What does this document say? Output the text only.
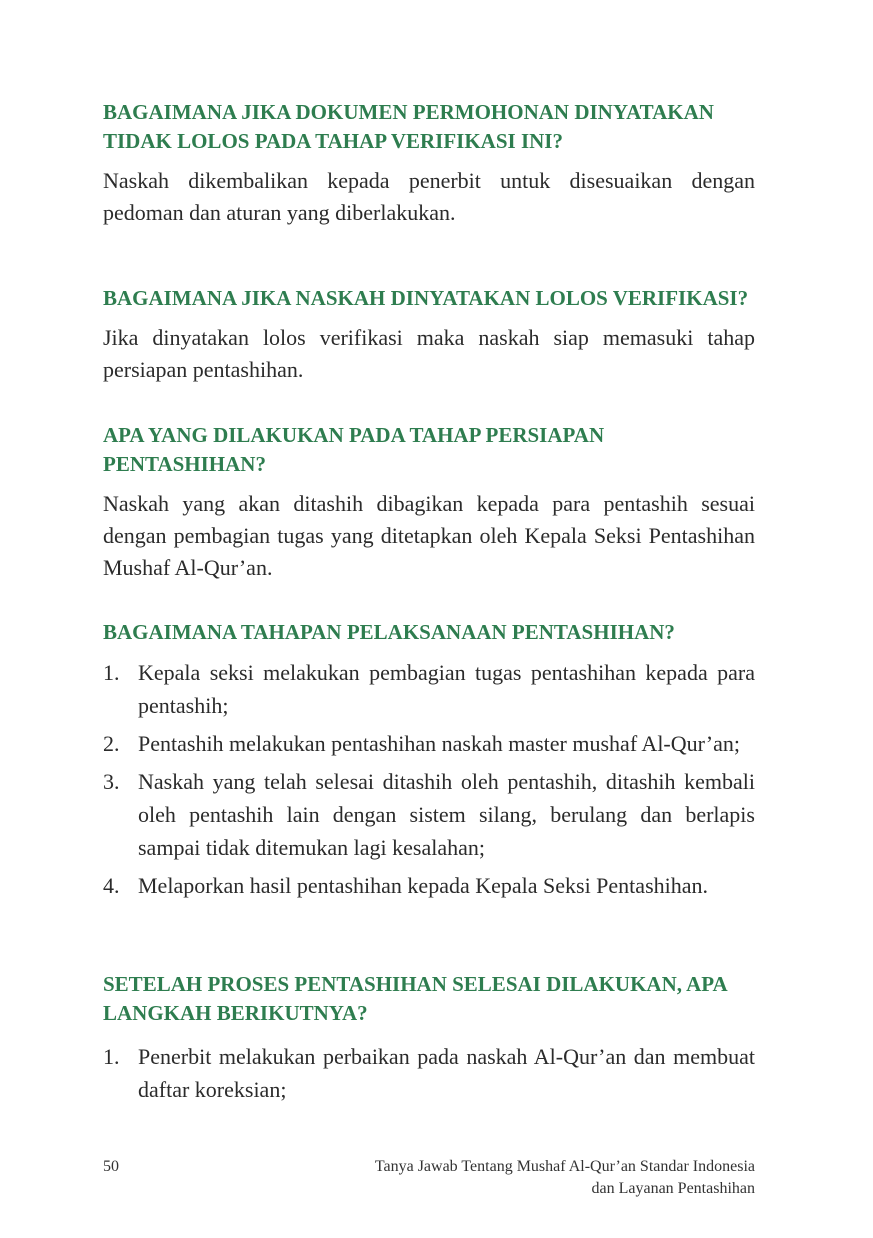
BAGAIMANA JIKA DOKUMEN PERMOHONAN DINYATAKAN
TIDAK LOLOS PADA TAHAP VERIFIKASI INI?

Naskah dikembalikan kepada penerbit untuk disesuaikan dengan pedoman dan aturan yang diberlakukan.

BAGAIMANA JIKA NASKAH DINYATAKAN LOLOS VERIFIKASI?

Jika dinyatakan lolos verifikasi maka naskah siap memasuki tahap persiapan pentashihan.

APA YANG DILAKUKAN PADA TAHAP PERSIAPAN
PENTASHIHAN?

Naskah yang akan ditashih dibagikan kepada para pentashih sesuai dengan pembagian tugas yang ditetapkan oleh Kepala Seksi Pentashihan Mushaf Al-Qur’an.

BAGAIMANA TAHAPAN PELAKSANAAN PENTASHIHAN?
1. Kepala seksi melakukan pembagian tugas pentashihan kepada para pentashih;
2. Pentashih melakukan pentashihan naskah master mushaf Al-Qur’an;
3. Naskah yang telah selesai ditashih oleh pentashih, ditashih kembali oleh pentashih lain dengan sistem silang, berulang dan berlapis sampai tidak ditemukan lagi kesalahan;
4. Melaporkan hasil pentashihan kepada Kepala Seksi Pentashihan.
SETELAH PROSES PENTASHIHAN SELESAI DILAKUKAN, APA
LANGKAH BERIKUTNYA?
1. Penerbit melakukan perbaikan pada naskah Al-Qur’an dan membuat daftar koreksian;
50	Tanya Jawab Tentang Mushaf Al-Qur’an Standar Indonesia
dan Layanan Pentashihan
